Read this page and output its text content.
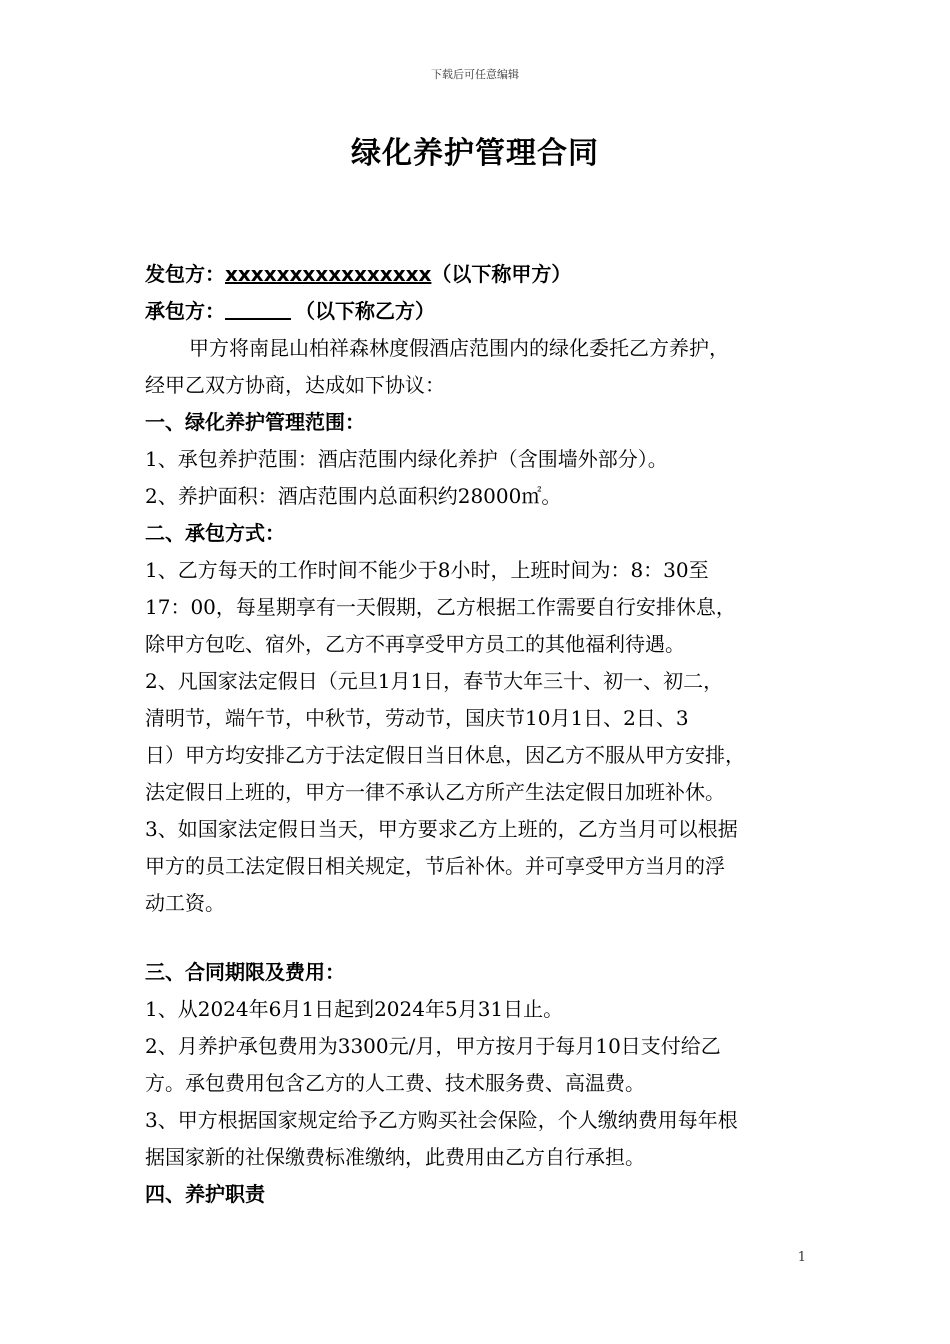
下载后可任意编辑
绿化养护管理合同
发包方：xxxxxxxxxxxxxxxx（以下称甲方）
承包方：	（以下称乙方）
甲方将南昆山柏祥森林度假酒店范围内的绿化委托乙方养护，
经甲乙双方协商，达成如下协议：
一、绿化养护管理范围：
1、承包养护范围：酒店范围内绿化养护（含围墙外部分）。
2、养护面积：酒店范围内总面积约28000㎡。
二、承包方式：
1、乙方每天的工作时间不能少于8小时，上班时间为：8：30至
17：00，每星期享有一天假期，乙方根据工作需要自行安排休息，
除甲方包吃、宿外，乙方不再享受甲方员工的其他福利待遇。
2、凡国家法定假日（元旦1月1日，春节大年三十、初一、初二，
清明节，端午节，中秋节，劳动节，国庆节10月1日、2日、3
日）甲方均安排乙方于法定假日当日休息，因乙方不服从甲方安排，
法定假日上班的，甲方一律不承认乙方所产生法定假日加班补休。
3、如国家法定假日当天，甲方要求乙方上班的，乙方当月可以根据
甲方的员工法定假日相关规定，节后补休。并可享受甲方当月的浮
动工资。
三、合同期限及费用：
1、从2024年6月1日起到2024年5月31日止。
2、月养护承包费用为3300元/月，甲方按月于每月10日支付给乙
方。承包费用包含乙方的人工费、技术服务费、高温费。
3、甲方根据国家规定给予乙方购买社会保险，个人缴纳费用每年根
据国家新的社保缴费标准缴纳，此费用由乙方自行承担。
四、养护职责
1
